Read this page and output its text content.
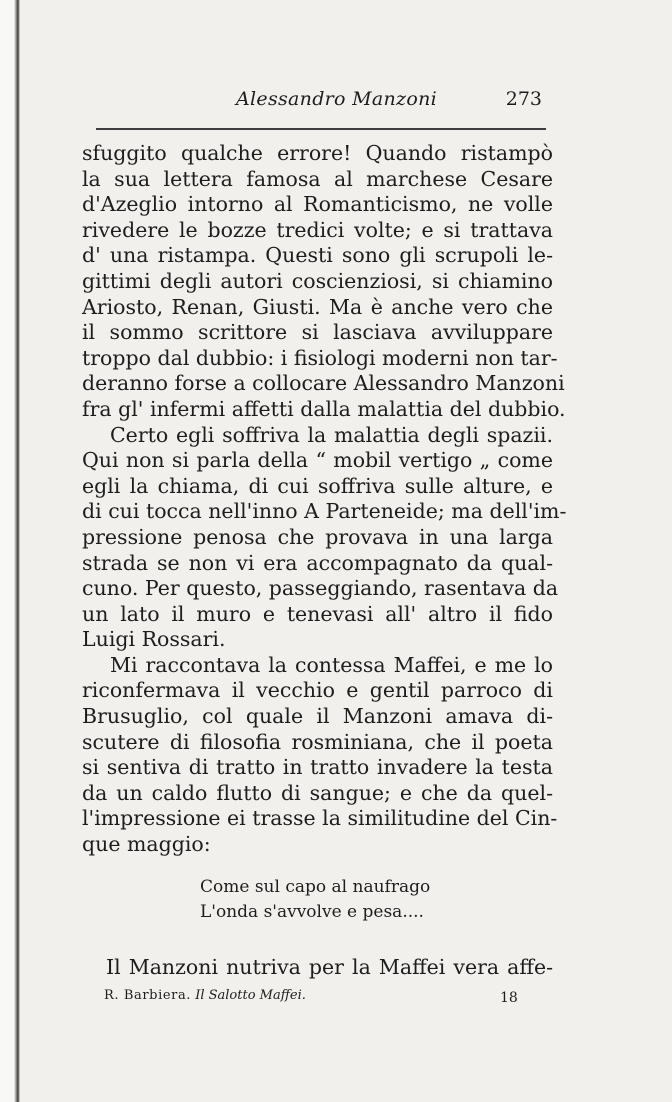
Alessandro Manzoni	273
sfuggito qualche errore! Quando ristampò
la sua lettera famosa al marchese Cesare
d'Azeglio intorno al Romanticismo, ne volle
rivedere le bozze tredici volte; e si trattava
d' una ristampa. Questi sono gli scrupoli le-
gittimi degli autori coscienziosi, si chiamino
Ariosto, Renan, Giusti. Ma è anche vero che
il sommo scrittore si lasciava avvilupparе
troppo dal dubbio: i fisiologi moderni non tar-
deranno forse a collocare Alessandro Manzoni
fra gl' infermi affetti dalla malattia del dubbio.
Certo egli soffriva la malattia degli spazii.
Qui non si parla della “ mobil vertigo „ come
egli la chiama, di cui soffriva sulle alture, e
di cui tocca nell'inno A Parteneide; ma dell'im-
pressione penosa che provava in una larga
strada se non vi era accompagnato da qual-
cuno. Per questo, passeggiando, rasentava da
un lato il muro e tenevasi all' altro il fido
Luigi Rossari.
Mi raccontava la contessa Maffei, e me lo
riconfermava il vecchio e gentil parroco di
Brusuglio, col quale il Manzoni amava di-
scutere di filosofia rosminiana, che il poeta
si sentiva di tratto in tratto invadere la testa
da un caldo flutto di sangue; e che da quel-
l'impressione ei trasse la similitudine del Cin-
que maggio:
Come sul capo al naufrago
L'onda s'avvolve e pesa....
Il Manzoni nutriva per la Maffei vera affe-
R. Barbiera. Il Salotto Maffei.	18
